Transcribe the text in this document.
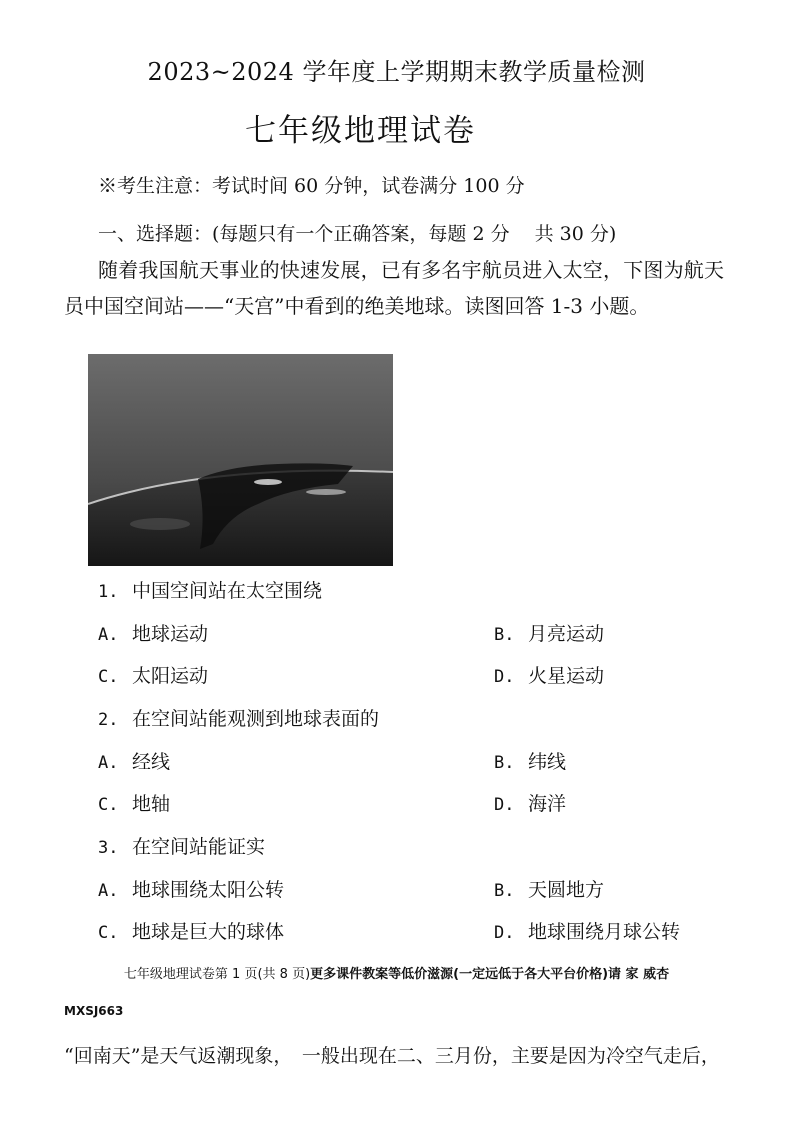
2023~2024 学年度上学期期末教学质量检测
七年级地理试卷
※考生注意：考试时间 60 分钟，试卷满分 100 分
一、选择题：(每题只有一个正确答案，每题 2 分　 共 30 分)
随着我国航天事业的快速发展，已有多名宇航员进入太空，下图为航天员中国空间站——“天宫”中看到的绝美地球。读图回答 1-3 小题。
1. 中国空间站在太空围绕
A. 地球运动	B. 月亮运动
C. 太阳运动	D. 火星运动
2. 在空间站能观测到地球表面的
A. 经线	B. 纬线
C. 地轴	D. 海洋
3. 在空间站能证实
A. 地球围绕太阳公转	B. 天圆地方
C. 地球是巨大的球体	D. 地球围绕月球公转
七年级地理试卷第 1 页(共 8 页)更多课件教案等低价滋源(一定远低于各大平台价格)请 家 威杏
MXSJ663
“回南天”是天气返潮现象，　一般出现在二、三月份，主要是因为冷空气走后，
